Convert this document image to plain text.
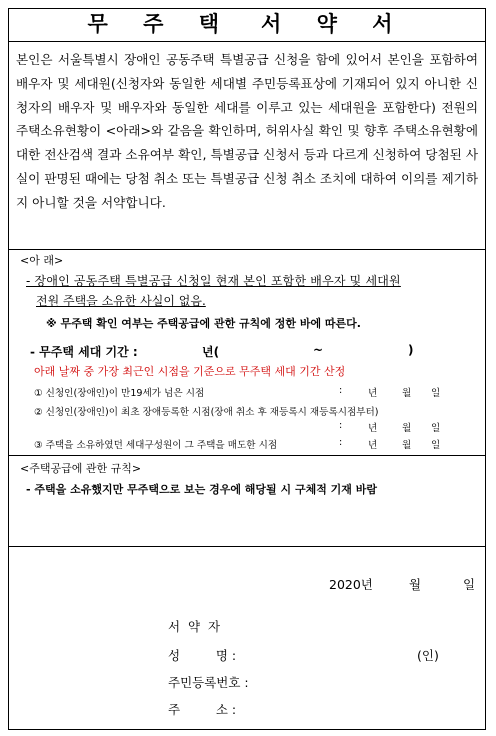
무 주 택 서 약 서
본인은 서울특별시 장애인 공동주택 특별공급 신청을 함에 있어서 본인을 포함하여 배우자 및 세대원(신청자와 동일한 세대별 주민등록표상에 기재되어 있지 아니한 신청자의 배우자 및 배우자와 동일한 세대를 이루고 있는 세대원을 포함한다) 전원의 주택소유현황이 <아래>와 같음을 확인하며, 허위사실 확인 및 향후 주택소유현황에 대한 전산검색 결과 소유여부 확인, 특별공급 신청서 등과 다르게 신청하여 당첨된 사실이 판명된 때에는 당첨 취소 또는 특별공급 신청 취소 조치에 대하여 이의를 제기하지 아니할 것을 서약합니다.
<아 래>
- 장애인 공동주택 특별공급 신청일 현재 본인 포함한 배우자 및 세대원
전원 주택을 소유한 사실이 없음.
※ 무주택 확인 여부는 주택공급에 관한 규칙에 정한 바에 따른다.
- 무주택 세대 기간 :	년(	~	)
아래 날짜 중 가장 최근인 시점을 기준으로 무주택 세대 기간 산정
① 신청인(장애인)이 만19세가 넘은 시점	:	년	월 일
② 신청인(장애인)이 최초 장애등록한 시점(장애 취소 후 재등록시 재등록시점부터)
:	년	월 일
③ 주택을 소유하였던 세대구성원이 그 주택을 매도한 시점	:	년	월 일
<주택공급에 관한 규칙>
- 주택을 소유했지만 무주택으로 보는 경우에 해당될 시 구체적 기재 바람
2020년	월	일
서  약  자
성         명 :	(인)
주민등록번호 :
주         소 :
